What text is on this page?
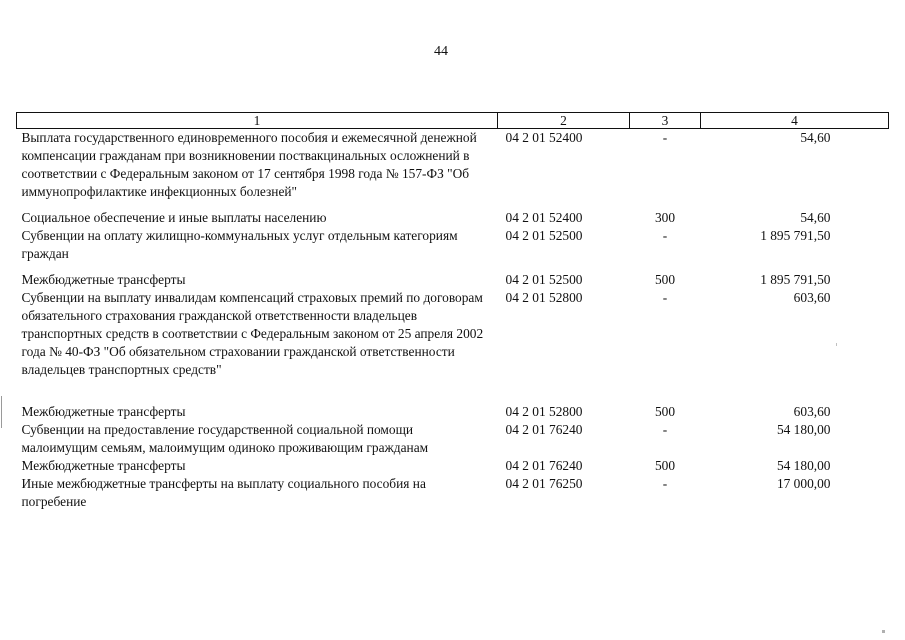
44
1	2	3	4
Выплата государственного единовременного пособия и ежемесячной денежной компенсации гражданам при возникновении поствакцинальных осложнений в соответствии с Федеральным законом от 17 сентября 1998 года № 157-ФЗ "Об иммунопрофилактике инфекционных болезней"	04 2 01 52400	-	54,60
Социальное обеспечение и иные выплаты населению	04 2 01 52400	300	54,60
Субвенции на оплату жилищно-коммунальных услуг отдельным категориям граждан	04 2 01 52500	-	1 895 791,50
Межбюджетные трансферты	04 2 01 52500	500	1 895 791,50
Субвенции на выплату инвалидам компенсаций страховых премий по договорам обязательного страхования гражданской ответственности владельцев транспортных средств в соответствии с Федеральным законом от 25 апреля 2002 года № 40-ФЗ "Об обязательном страховании гражданской ответственности владельцев транспортных средств"	04 2 01 52800	-	603,60
Межбюджетные трансферты	04 2 01 52800	500	603,60
Субвенции на предоставление государственной социальной помощи малоимущим семьям, малоимущим одиноко проживающим гражданам	04 2 01 76240	-	54 180,00
Межбюджетные трансферты	04 2 01 76240	500	54 180,00
Иные межбюджетные трансферты на выплату социального пособия на погребение	04 2 01 76250	-	17 000,00
